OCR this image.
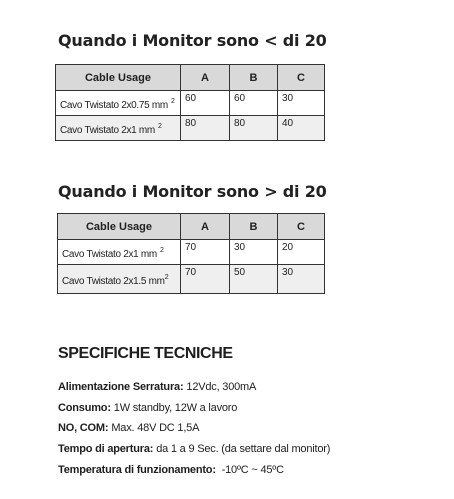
Quando i Monitor sono < di 20
Cable Usage	A	B	C
Cavo Twistato 2x0.75 mm $^2$	60	60	30
Cavo Twistato 2x1 mm $^2$	80	80	40
Quando i Monitor sono > di 20
Cable Usage	A	B	C
Cavo Twistato 2x1 mm $^2$	70	30	20
Cavo Twistato 2x1.5 $mm^2$	70	50	30
SPECIFICHE TECNICHE
Alimentazione Serratura: 12Vdc, 300mA
Consumo: 1W standby, 12W a lavoro
NO, COM: Max. 48V DC 1,5A
Tempo di apertura: da 1 a 9 Sec. (da settare dal monitor)
Temperatura di funzionamento: -10ºC ~ 45ºC
